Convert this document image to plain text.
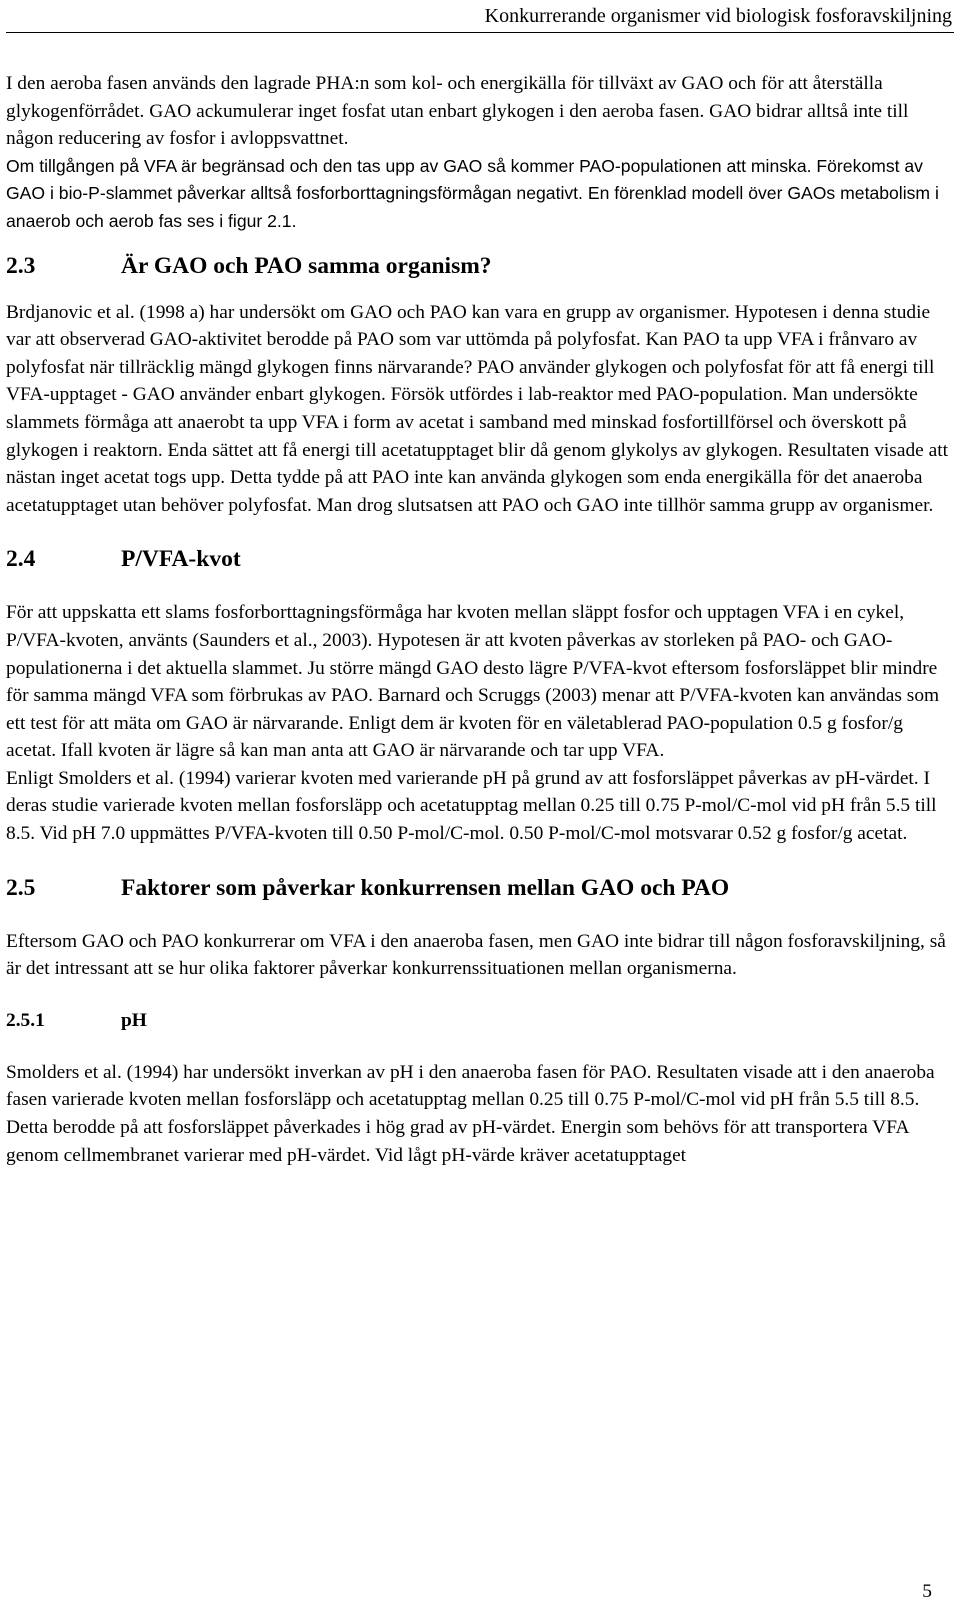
Konkurrerande organismer vid biologisk fosforavskiljning

I den aeroba fasen används den lagrade PHA:n som kol- och energikälla för tillväxt av GAO och för att återställa glykogenförrådet. GAO ackumulerar inget fosfat utan enbart glykogen i den aeroba fasen. GAO bidrar alltså inte till någon reducering av fosfor i avloppsvattnet.

Om tillgången på VFA är begränsad och den tas upp av GAO så kommer PAO-populationen att minska. Förekomst av GAO i bio-P-slammet påverkar alltså fosforborttagningsförmågan negativt. En förenklad modell över GAOs metabolism i anaerob och aerob fas ses i figur 2.1.

2.3	Är GAO och PAO samma organism?

Brdjanovic et al. (1998 a) har undersökt om GAO och PAO kan vara en grupp av organismer. Hypotesen i denna studie var att observerad GAO-aktivitet berodde på PAO som var uttömda på polyfosfat. Kan PAO ta upp VFA i frånvaro av polyfosfat när tillräcklig mängd glykogen finns närvarande? PAO använder glykogen och polyfosfat för att få energi till VFA-upptaget - GAO använder enbart glykogen. Försök utfördes i lab-reaktor med PAO-population. Man undersökte slammets förmåga att anaerobt ta upp VFA i form av acetat i samband med minskad fosfortillförsel och överskott på glykogen i reaktorn. Enda sättet att få energi till acetatupptaget blir då genom glykolys av glykogen. Resultaten visade att nästan inget acetat togs upp. Detta tydde på att PAO inte kan använda glykogen som enda energikälla för det anaeroba acetatupptaget utan behöver polyfosfat. Man drog slutsatsen att PAO och GAO inte tillhör samma grupp av organismer.

2.4	P/VFA-kvot

För att uppskatta ett slams fosforborttagningsförmåga har kvoten mellan släppt fosfor och upptagen VFA i en cykel, P/VFA-kvoten, använts (Saunders et al., 2003). Hypotesen är att kvoten påverkas av storleken på PAO- och GAO-populationerna i det aktuella slammet. Ju större mängd GAO desto lägre P/VFA-kvot eftersom fosforsläppet blir mindre för samma mängd VFA som förbrukas av PAO. Barnard och Scruggs (2003) menar att P/VFA-kvoten kan användas som ett test för att mäta om GAO är närvarande. Enligt dem är kvoten för en väletablerad PAO-population 0.5 g fosfor/g acetat. Ifall kvoten är lägre så kan man anta att GAO är närvarande och tar upp VFA.

Enligt Smolders et al. (1994) varierar kvoten med varierande pH på grund av att fosforsläppet påverkas av pH-värdet. I deras studie varierade kvoten mellan fosforsläpp och acetatupptag mellan 0.25 till 0.75 P-mol/C-mol vid pH från 5.5 till 8.5. Vid pH 7.0 uppmättes P/VFA-kvoten till 0.50 P-mol/C-mol. 0.50 P-mol/C-mol motsvarar 0.52 g fosfor/g acetat.

2.5	Faktorer som påverkar konkurrensen mellan GAO och PAO

Eftersom GAO och PAO konkurrerar om VFA i den anaeroba fasen, men GAO inte bidrar till någon fosforavskiljning, så är det intressant att se hur olika faktorer påverkar konkurrenssituationen mellan organismerna.

2.5.1	pH

Smolders et al. (1994) har undersökt inverkan av pH i den anaeroba fasen för PAO. Resultaten visade att i den anaeroba fasen varierade kvoten mellan fosforsläpp och acetatupptag mellan 0.25 till 0.75 P-mol/C-mol vid pH från 5.5 till 8.5. Detta berodde på att fosforsläppet påverkades i hög grad av pH-värdet. Energin som behövs för att transportera VFA genom cellmembranet varierar med pH-värdet. Vid lågt pH-värde kräver acetatupptaget

5
